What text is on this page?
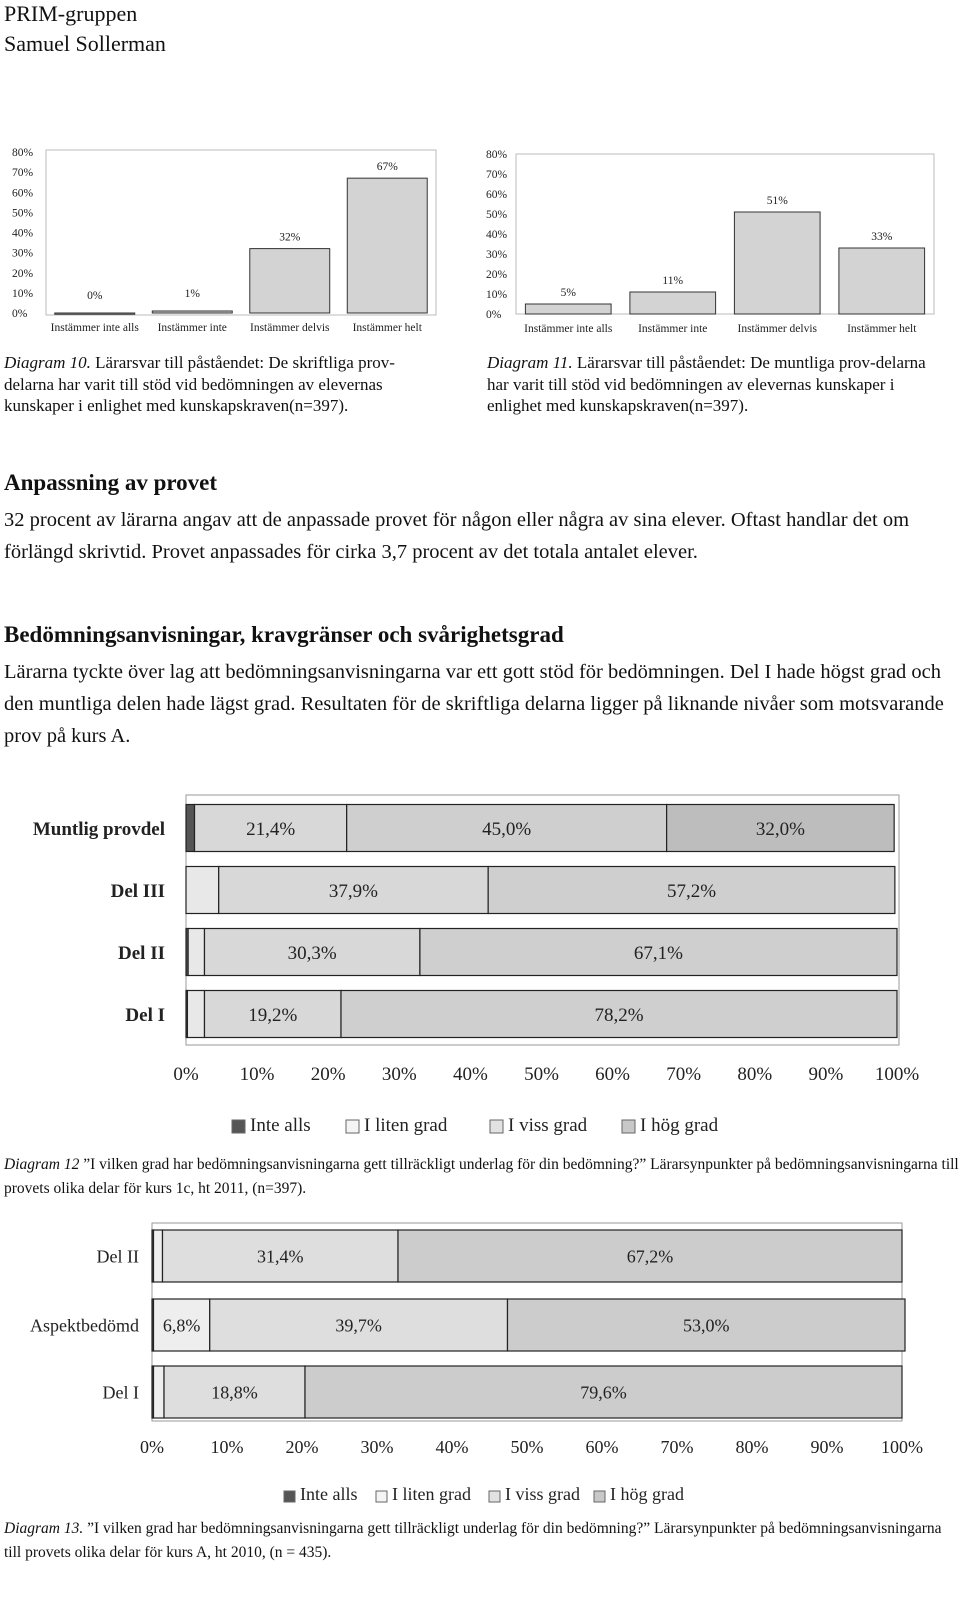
PRIM-gruppen
Samuel Sollerman
0%
10%
20%
30%
40%
50%
60%
70%
80%
0%	1%
32%
67%
Instämmer inte alls Instämmer inte Instämmer delvis Instämmer helt
0%
10%
20%
30%
40%
50%
60%
70%
80%
5%
11%
51%
33%
Instämmer inte alls Instämmer inte	Instämmer delvis	Instämmer helt
Diagram 10. Lärarsvar till påståendet: De skriftliga prov-delarna har varit till stöd vid bedömningen av elevernas kunskaper i enlighet med kunskapskraven(n=397).
Diagram 11. Lärarsvar till påståendet: De muntliga prov-delarna har varit till stöd vid bedömningen av elevernas kunskaper i enlighet med kunskapskraven(n=397).
Anpassning av provet
32 procent av lärarna angav att de anpassade provet för någon eller några av sina elever. Oftast handlar det om förlängd skrivtid. Provet anpassades för cirka 3,7 procent av det totala antalet elever.
Bedömningsanvisningar, kravgränser och svårighetsgrad
Lärarna tyckte över lag att bedömningsanvisningarna var ett gott stöd för bedömningen. Del I hade högst grad och den muntliga delen hade lägst grad. Resultaten för de skriftliga delarna ligger på liknande nivåer som motsvarande prov på kurs A.
21,4%	45,0%	32,0%
37,9%	57,2%
30,3%	67,1%
19,2%	78,2%
Muntlig provdel
Del III
Del II
Del I
0% 10% 20% 30% 40% 50% 60% 70% 80% 90% 100%
Inte alls	I liten grad	I viss grad	I hög grad
Diagram 12 ”I vilken grad har bedömningsanvisningarna gett tillräckligt underlag för din bedömning?” Lärarsynpunkter på bedömningsanvisningarna till provets olika delar för kurs 1c, ht 2011, (n=397).
31,4%	67,2%
6,8%	39,7%	53,0%
18,8%	79,6%
Del II
Aspektbedömd
Del I
0%	10% 20% 30% 40% 50% 60% 70% 80% 90% 100%
Inte alls I liten grad I viss grad I hög grad
Diagram 13. ”I vilken grad har bedömningsanvisningarna gett tillräckligt underlag för din bedömning?” Lärarsynpunkter på bedömningsanvisningarna till provets olika delar för kurs A, ht 2010, (n = 435).
